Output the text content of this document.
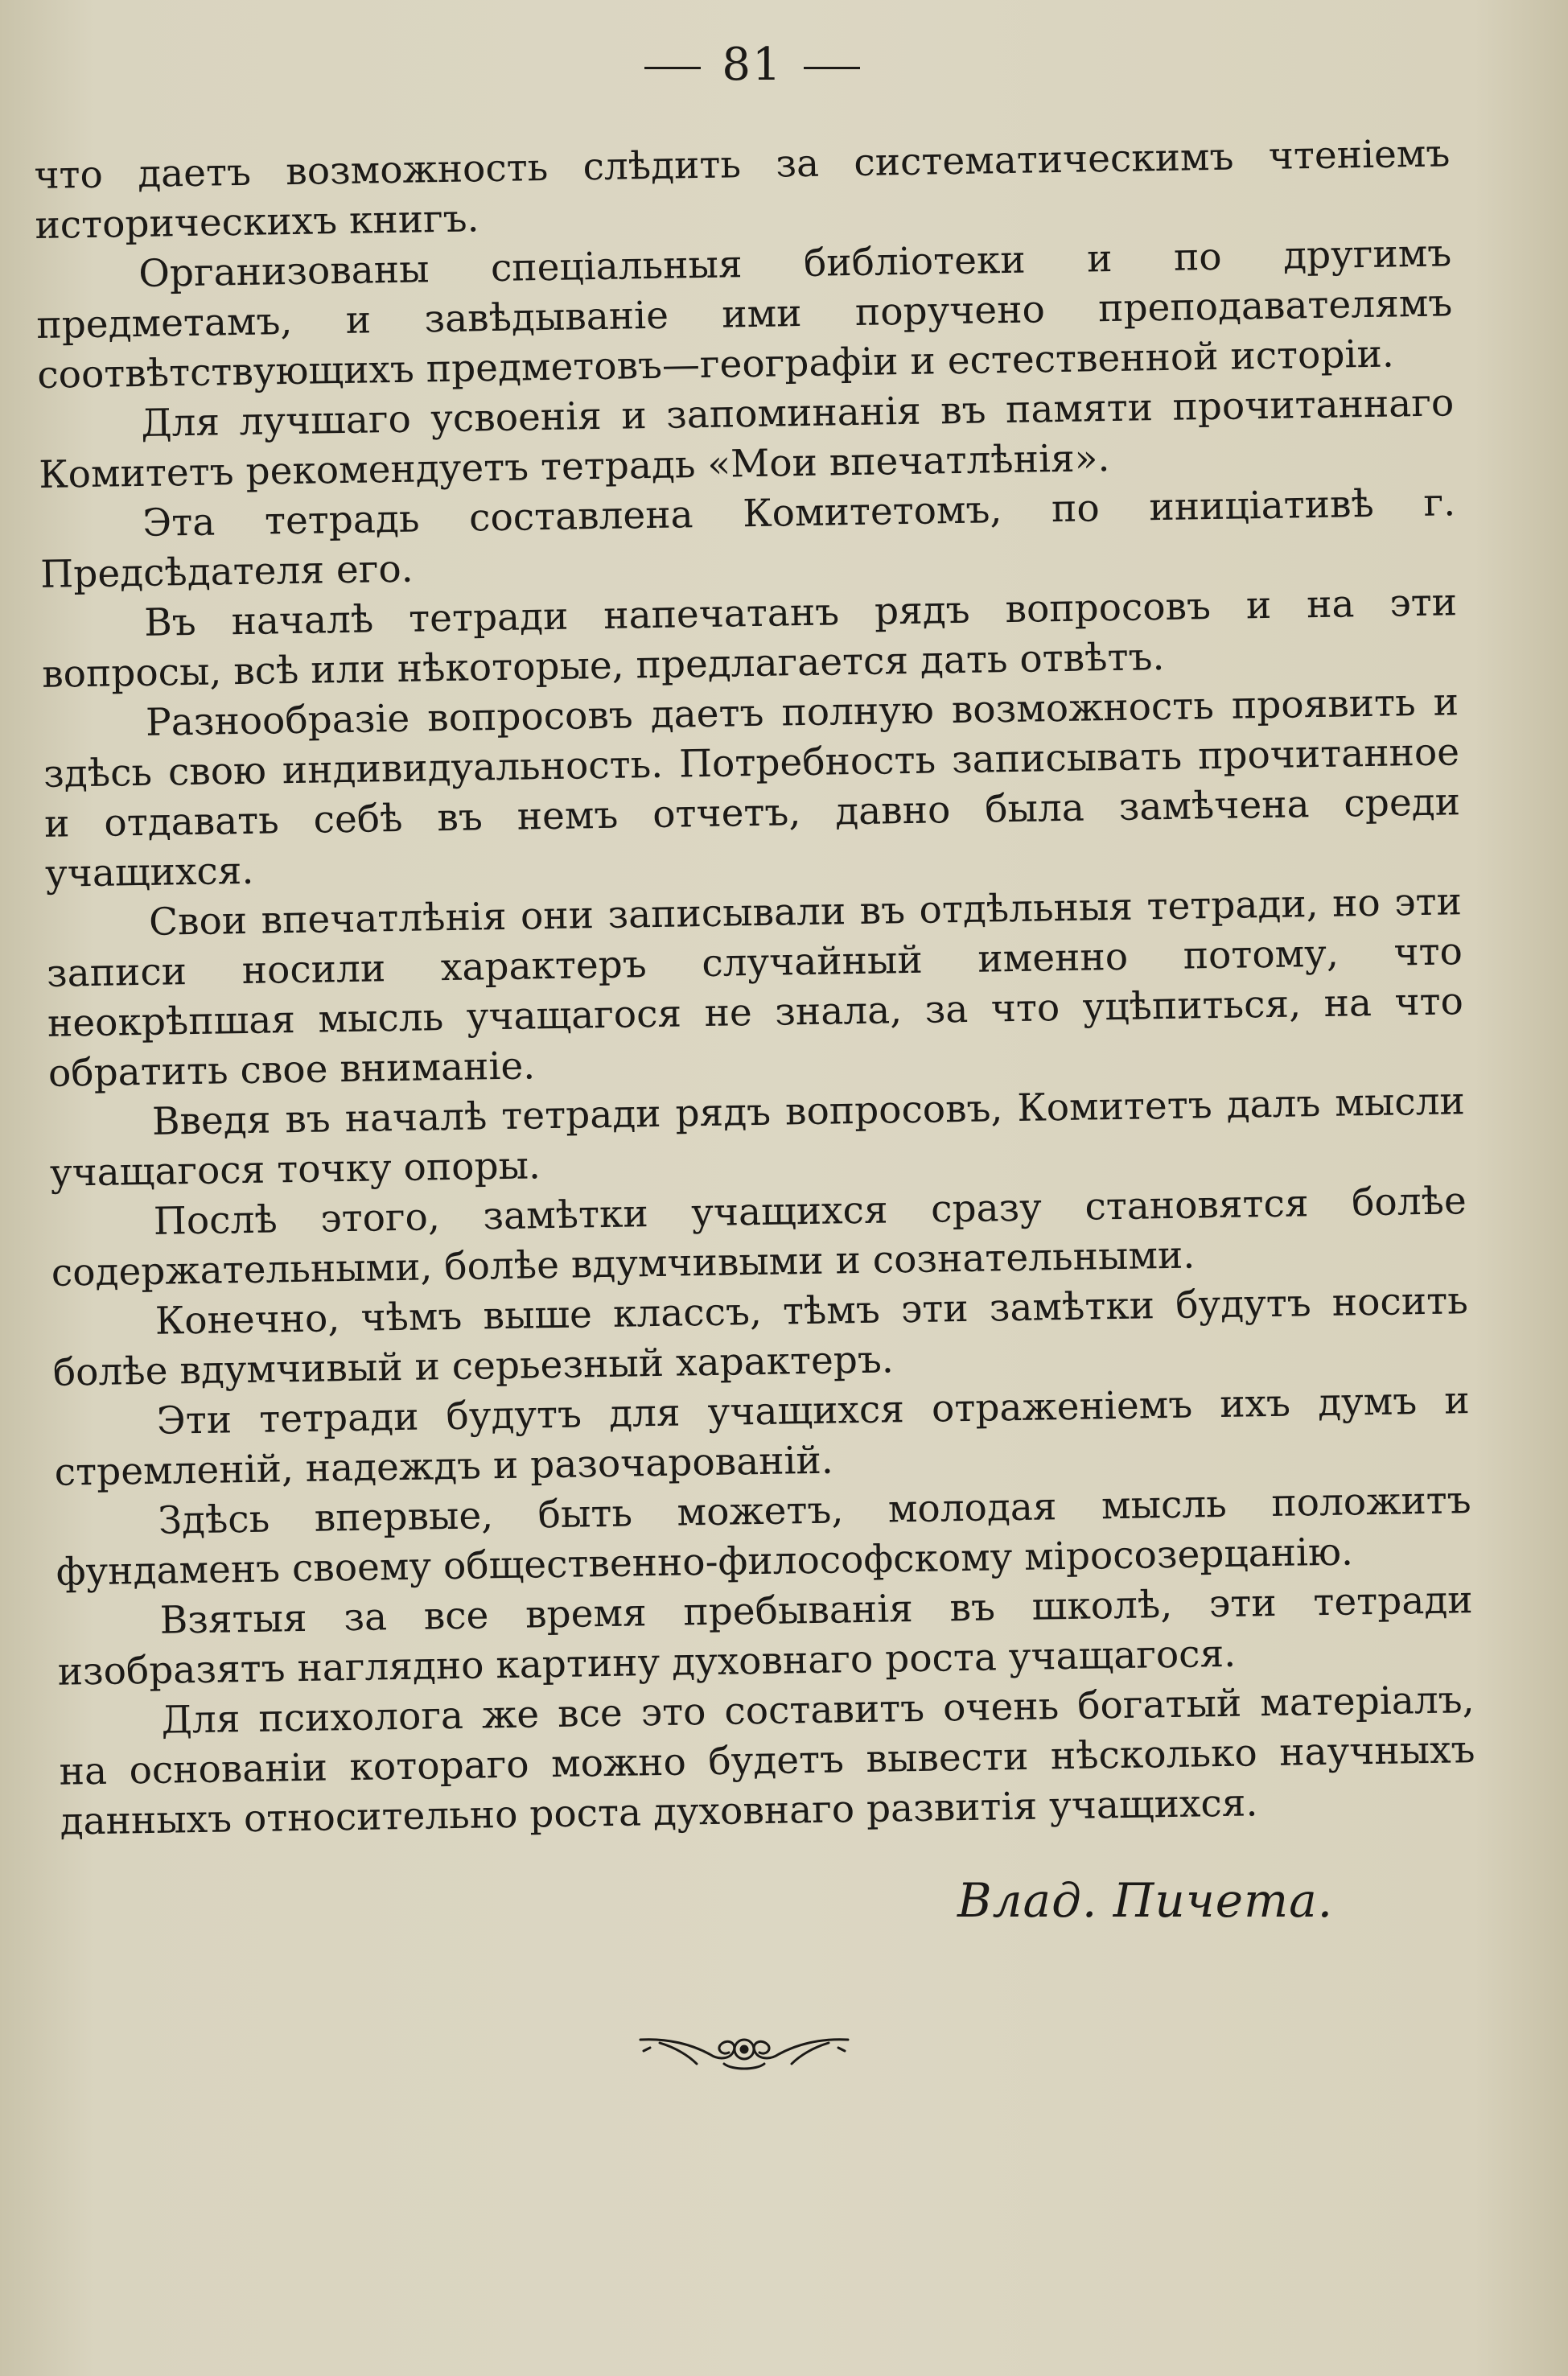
81

что даетъ возможность слѣдить за систематическимъ чтеніемъ историческихъ книгъ.

Организованы спеціальныя библіотеки и по другимъ предметамъ, и завѣдываніе ими поручено преподавателямъ соотвѣтствующихъ предметовъ—географіи и естественной исторіи.

Для лучшаго усвоенія и запоминанія въ памяти прочитаннаго Комитетъ рекомендуетъ тетрадь «Мои впечатлѣнія».

Эта тетрадь составлена Комитетомъ, по иниціативѣ г. Предсѣдателя его.

Въ началѣ тетради напечатанъ рядъ вопросовъ и на эти вопросы, всѣ или нѣкоторые, предлагается дать отвѣтъ.

Разнообразіе вопросовъ даетъ полную возможность проявить и здѣсь свою индивидуальность. Потребность записывать прочитанное и отдавать себѣ въ немъ отчетъ, давно была замѣчена среди учащихся.

Свои впечатлѣнія они записывали въ отдѣльныя тетради, но эти записи носили характеръ случайный именно потому, что неокрѣпшая мысль учащагося не знала, за что уцѣпиться, на что обратить свое вниманіе.

Введя въ началѣ тетради рядъ вопросовъ, Комитетъ далъ мысли учащагося точку опоры.

Послѣ этого, замѣтки учащихся сразу становятся болѣе содержательными, болѣе вдумчивыми и сознательными.

Конечно, чѣмъ выше классъ, тѣмъ эти замѣтки будутъ носить болѣе вдумчивый и серьезный характеръ.

Эти тетради будутъ для учащихся отраженіемъ ихъ думъ и стремленій, надеждъ и разочарованій.

Здѣсь впервые, быть можетъ, молодая мысль положитъ фундаменъ своему общественно-философскому міросозерцанію.

Взятыя за все время пребыванія въ школѣ, эти тетради изобразятъ наглядно картину духовнаго роста учащагося.

Для психолога же все это составитъ очень богатый матеріалъ, на основаніи котораго можно будетъ вывести нѣсколько научныхъ данныхъ относительно роста духовнаго развитія учащихся.

Влад. Пичета.
